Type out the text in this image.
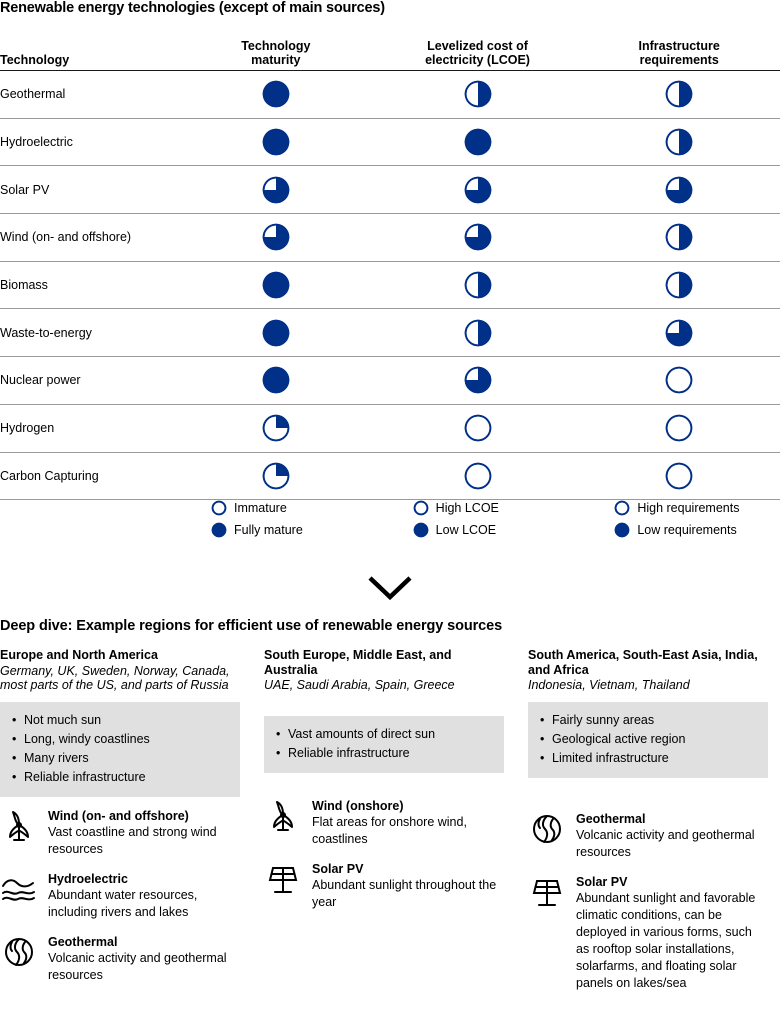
Renewable energy technologies (except of main sources)
Technology
Technology
maturity
Levelized cost of
electricity (LCOE)
Infrastructure
requirements
Geothermal
Hydroelectric
Solar PV
Wind (on- and offshore)
Biomass
Waste-to-energy
Nuclear power
Hydrogen
Carbon Capturing
Immature
Fully mature
High LCOE
Low LCOE
High requirements
Low requirements
Deep dive: Example regions for efficient use of renewable energy sources
Europe and North America
Germany, UK, Sweden, Norway, Canada, most parts of the US, and parts of Russia
• Not much sun
• Long, windy coastlines
• Many rivers
• Reliable infrastructure
Wind (on- and offshore)
Vast coastline and strong wind resources
Hydroelectric
Abundant water resources, including rivers and lakes
Geothermal
Volcanic activity and geothermal resources
South Europe, Middle East, and Australia
UAE, Saudi Arabia, Spain, Greece
• Vast amounts of direct sun
• Reliable infrastructure
Wind (onshore)
Flat areas for onshore wind, coastlines
Solar PV
Abundant sunlight throughout the year
South America, South-East Asia, India, and Africa
Indonesia, Vietnam, Thailand
• Fairly sunny areas
• Geological active region
• Limited infrastructure
Geothermal
Volcanic activity and geothermal resources
Solar PV
Abundant sunlight and favorable climatic conditions, can be deployed in various forms, such as rooftop solar installations, solarfarms, and floating solar panels on lakes/sea
